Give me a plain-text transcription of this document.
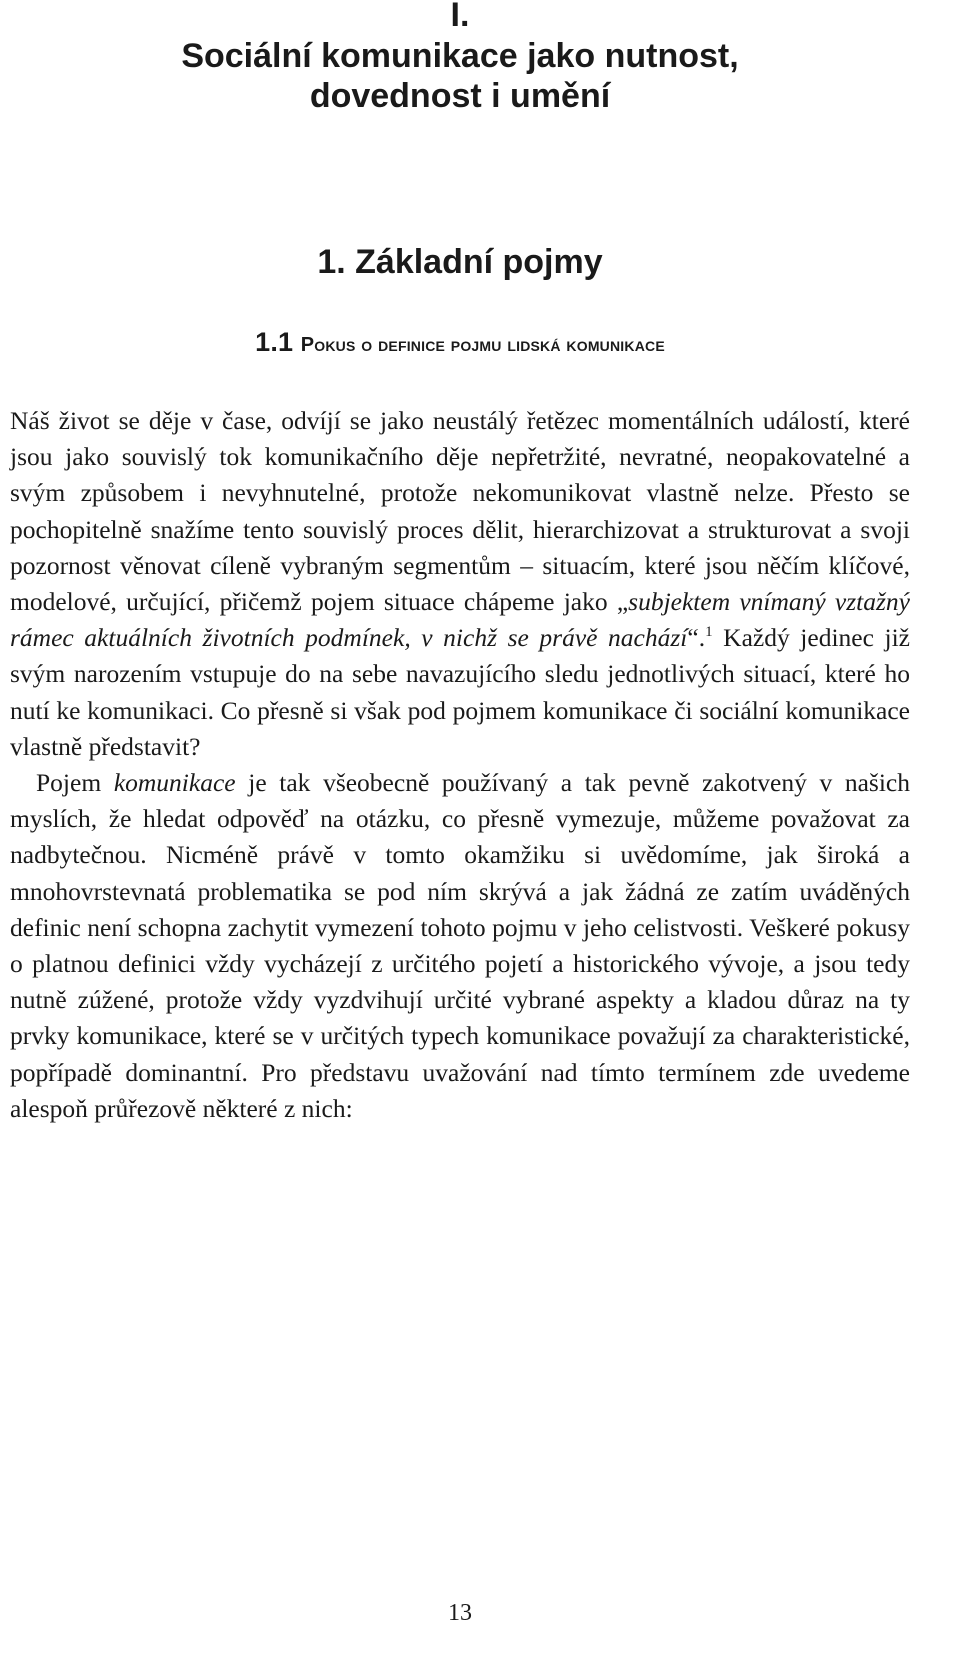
I.
Sociální komunikace jako nutnost,
dovednost i umění
1. Základní pojmy
1.1 Pokus o definice pojmu lidská komunikace

Náš život se děje v čase, odvíjí se jako neustálý řetězec momentálních událostí, které jsou jako souvislý tok komunikačního děje nepřetržité, nevratné, neopakovatelné a svým způsobem i nevyhnutelné, protože nekomunikovat vlastně nelze. Přesto se pochopitelně snažíme tento souvislý proces dělit, hierarchizovat a strukturovat a svoji pozornost věnovat cíleně vybraným segmentům – situacím, které jsou něčím klíčové, modelové, určující, přičemž pojem situace chápeme jako „subjektem vnímaný vztažný rámec aktuálních životních podmínek, v nichž se právě nachází“.$^1$ Každý jedinec již svým narozením vstupuje do na sebe navazujícího sledu jednotlivých situací, které ho nutí ke komunikaci. Co přesně si však pod pojmem komunikace či sociální komunikace vlastně představit?

Pojem komunikace je tak všeobecně používaný a tak pevně zakotvený v našich myslích, že hledat odpověď na otázku, co přesně vymezuje, můžeme považovat za nadbytečnou. Nicméně právě v tomto okamžiku si uvědomíme, jak široká a mnohovrstevnatá problematika se pod ním skrývá a jak žádná ze zatím uváděných definic není schopna zachytit vymezení tohoto pojmu v jeho celistvosti. Veškeré pokusy o platnou definici vždy vycházejí z určitého pojetí a historického vývoje, a jsou tedy nutně zúžené, protože vždy vyzdvihují určité vybrané aspekty a kladou důraz na ty prvky komunikace, které se v určitých typech komunikace považují za charakteristické, popřípadě dominantní. Pro představu uvažování nad tímto termínem zde uvedeme alespoň průřezově některé z nich:

13
